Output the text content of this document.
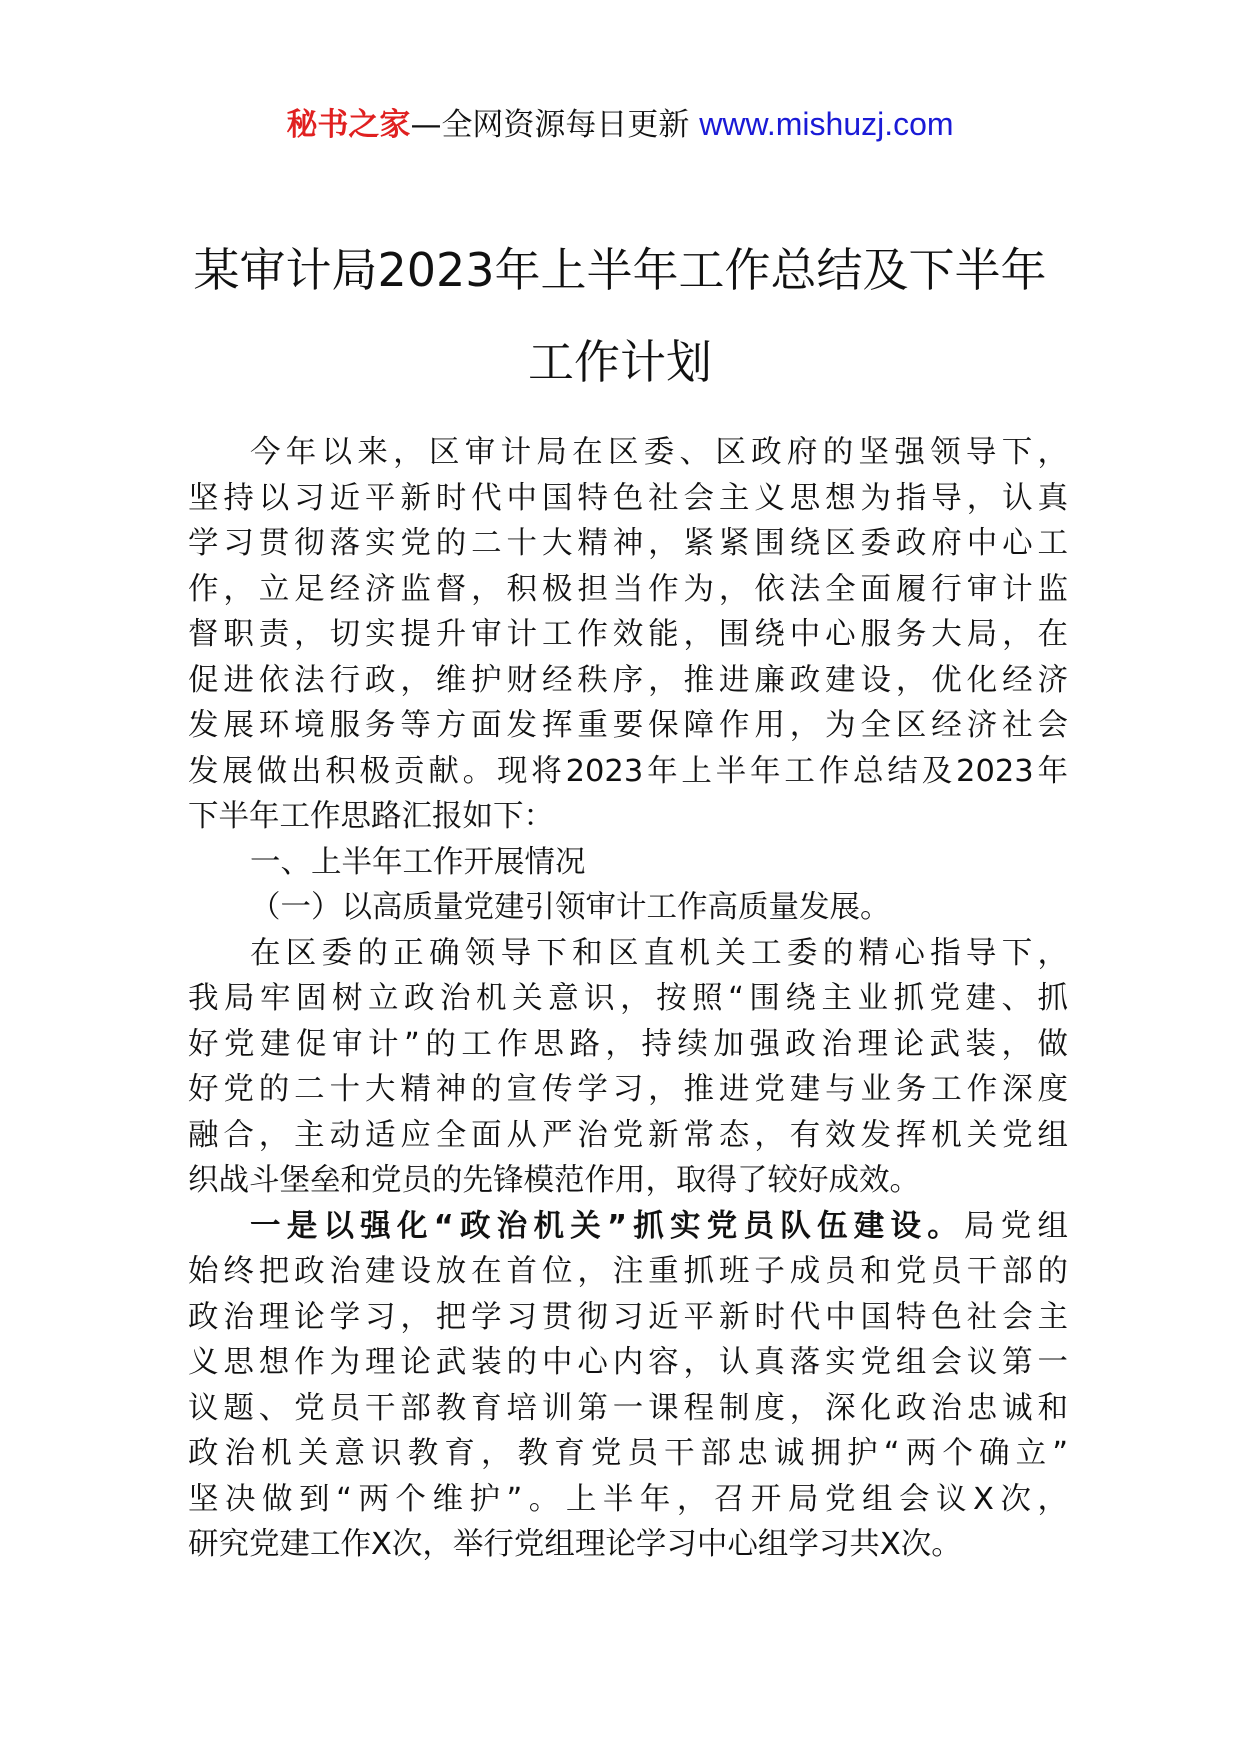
秘书之家—全网资源每日更新 www.mishuzj.com
某审计局2023年上半年工作总结及下半年
工作计划
今年以来，区审计局在区委、区政府的坚强领导下，
坚持以习近平新时代中国特色社会主义思想为指导，认真
学习贯彻落实党的二十大精神，紧紧围绕区委政府中心工
作，立足经济监督，积极担当作为，依法全面履行审计监
督职责，切实提升审计工作效能，围绕中心服务大局，在
促进依法行政，维护财经秩序，推进廉政建设，优化经济
发展环境服务等方面发挥重要保障作用，为全区经济社会
发展做出积极贡献。现将2023年上半年工作总结及2023年
下半年工作思路汇报如下：
一、上半年工作开展情况
（一）以高质量党建引领审计工作高质量发展。
在区委的正确领导下和区直机关工委的精心指导下，
我局牢固树立政治机关意识，按照“围绕主业抓党建、抓
好党建促审计”的工作思路，持续加强政治理论武装，做
好党的二十大精神的宣传学习，推进党建与业务工作深度
融合，主动适应全面从严治党新常态，有效发挥机关党组
织战斗堡垒和党员的先锋模范作用，取得了较好成效。
一是以强化“政治机关”抓实党员队伍建设。局党组
始终把政治建设放在首位，注重抓班子成员和党员干部的
政治理论学习，把学习贯彻习近平新时代中国特色社会主
义思想作为理论武装的中心内容，认真落实党组会议第一
议题、党员干部教育培训第一课程制度，深化政治忠诚和
政治机关意识教育，教育党员干部忠诚拥护“两个确立”
坚决做到“两个维护”。上半年，召开局党组会议X次，
研究党建工作X次，举行党组理论学习中心组学习共X次。
